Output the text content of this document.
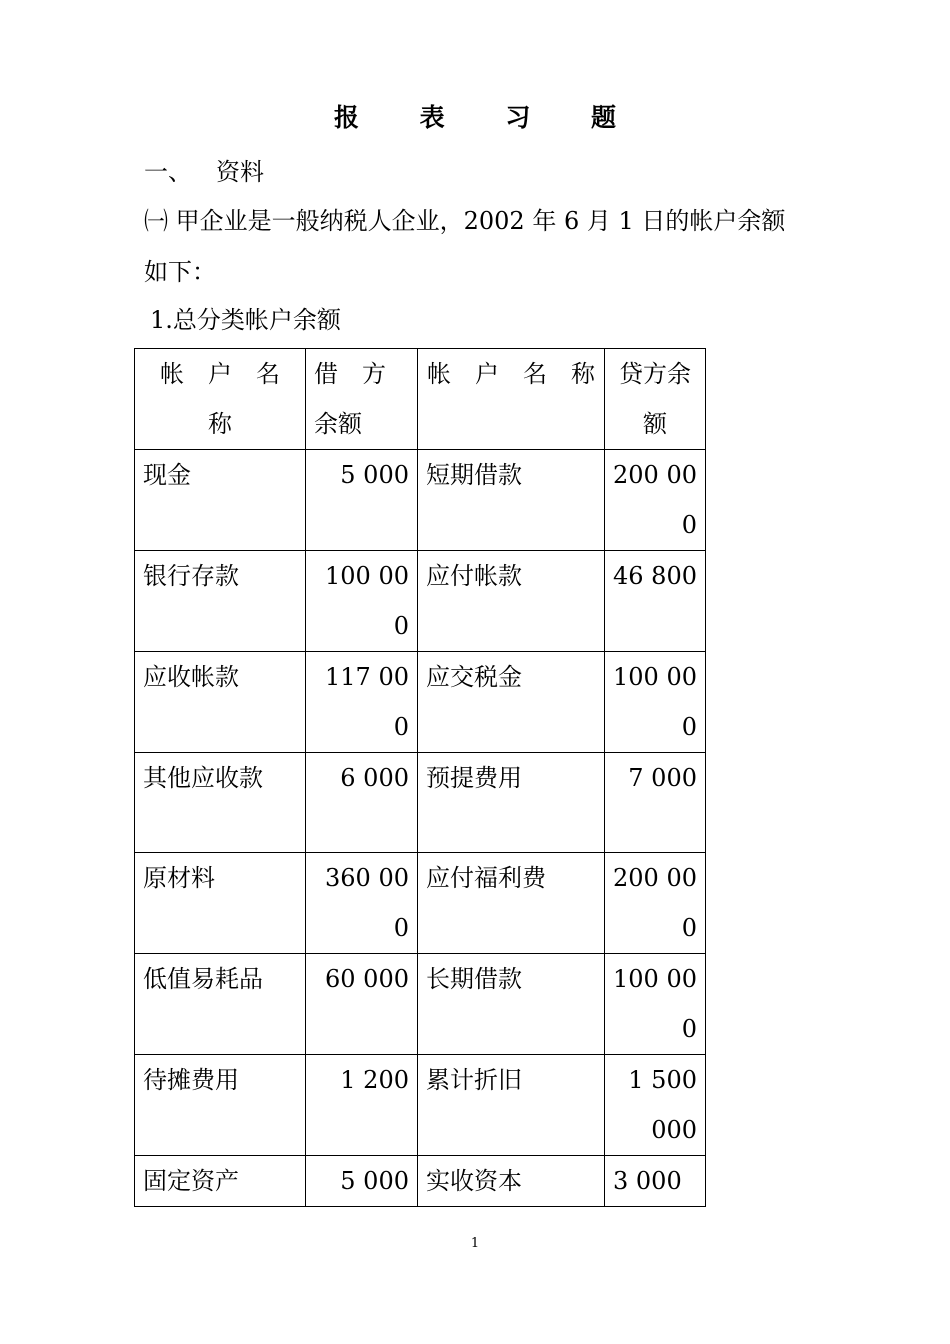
报 表 习 题
一、 资料
㈠ 甲企业是一般纳税人企业，2002 年 6 月 1 日的帐户余额
如下：
1.总分类帐户余额
帐　户　名　称	借　方余额	帐　户　名　称	贷方余额
现金	5 000	短期借款	200 000
银行存款	100 000	应付帐款	46 800
应收帐款	117 000	应交税金	100 000
其他应收款	6 000	预提费用	7 000
原材料	360 000	应付福利费	200 000
低值易耗品	60 000	长期借款	100 000
待摊费用	1 200	累计折旧	1 500 000
固定资产	5 000	实收资本	3 000
1
